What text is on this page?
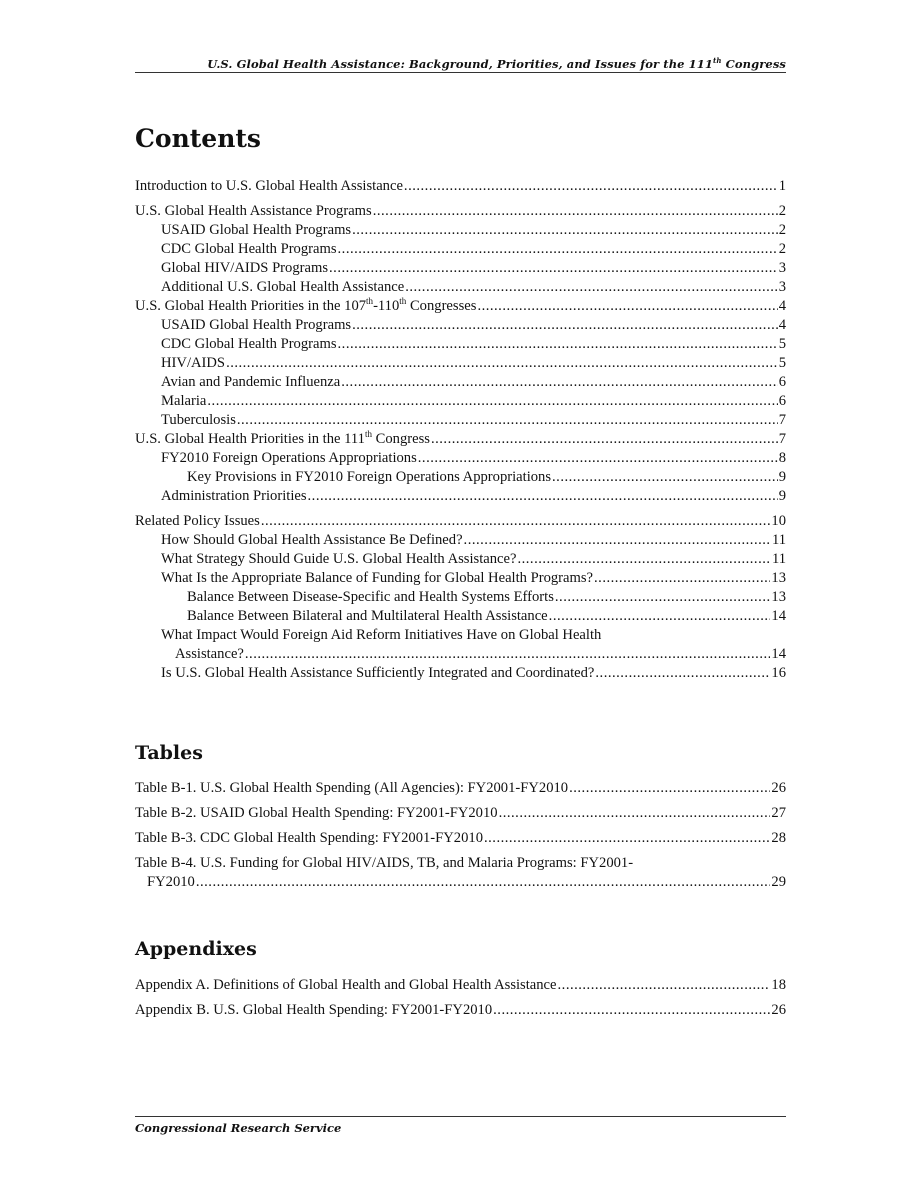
U.S. Global Health Assistance: Background, Priorities, and Issues for the 111th Congress
Contents
Introduction to U.S. Global Health Assistance .....	1
U.S. Global Health Assistance Programs .....	2
USAID Global Health Programs .....	2
CDC Global Health Programs .....	2
Global HIV/AIDS Programs .....	3
Additional U.S. Global Health Assistance .....	3
U.S. Global Health Priorities in the 107th-110th Congresses .....	4
USAID Global Health Programs .....	4
CDC Global Health Programs .....	5
HIV/AIDS .....	5
Avian and Pandemic Influenza .....	6
Malaria .....	6
Tuberculosis .....	7
U.S. Global Health Priorities in the 111th Congress .....	7
FY2010 Foreign Operations Appropriations .....	8
Key Provisions in FY2010 Foreign Operations Appropriations .....	9
Administration Priorities .....	9
Related Policy Issues .....	10
How Should Global Health Assistance Be Defined? .....	11
What Strategy Should Guide U.S. Global Health Assistance? .....	11
What Is the Appropriate Balance of Funding for Global Health Programs? .....	13
Balance Between Disease-Specific and Health Systems Efforts .....	13
Balance Between Bilateral and Multilateral Health Assistance .....	14
What Impact Would Foreign Aid Reform Initiatives Have on Global Health
Assistance? .....	14
Is U.S. Global Health Assistance Sufficiently Integrated and Coordinated? .....	16
Tables
Table B-1. U.S. Global Health Spending (All Agencies): FY2001-FY2010 .....	26
Table B-2. USAID Global Health Spending: FY2001-FY2010 .....	27
Table B-3. CDC Global Health Spending: FY2001-FY2010 .....	28
Table B-4. U.S. Funding for Global HIV/AIDS, TB, and Malaria Programs: FY2001-
FY2010 .....	29
Appendixes
Appendix A. Definitions of Global Health and Global Health Assistance .....	18
Appendix B. U.S. Global Health Spending: FY2001-FY2010 .....	26
Congressional Research Service
